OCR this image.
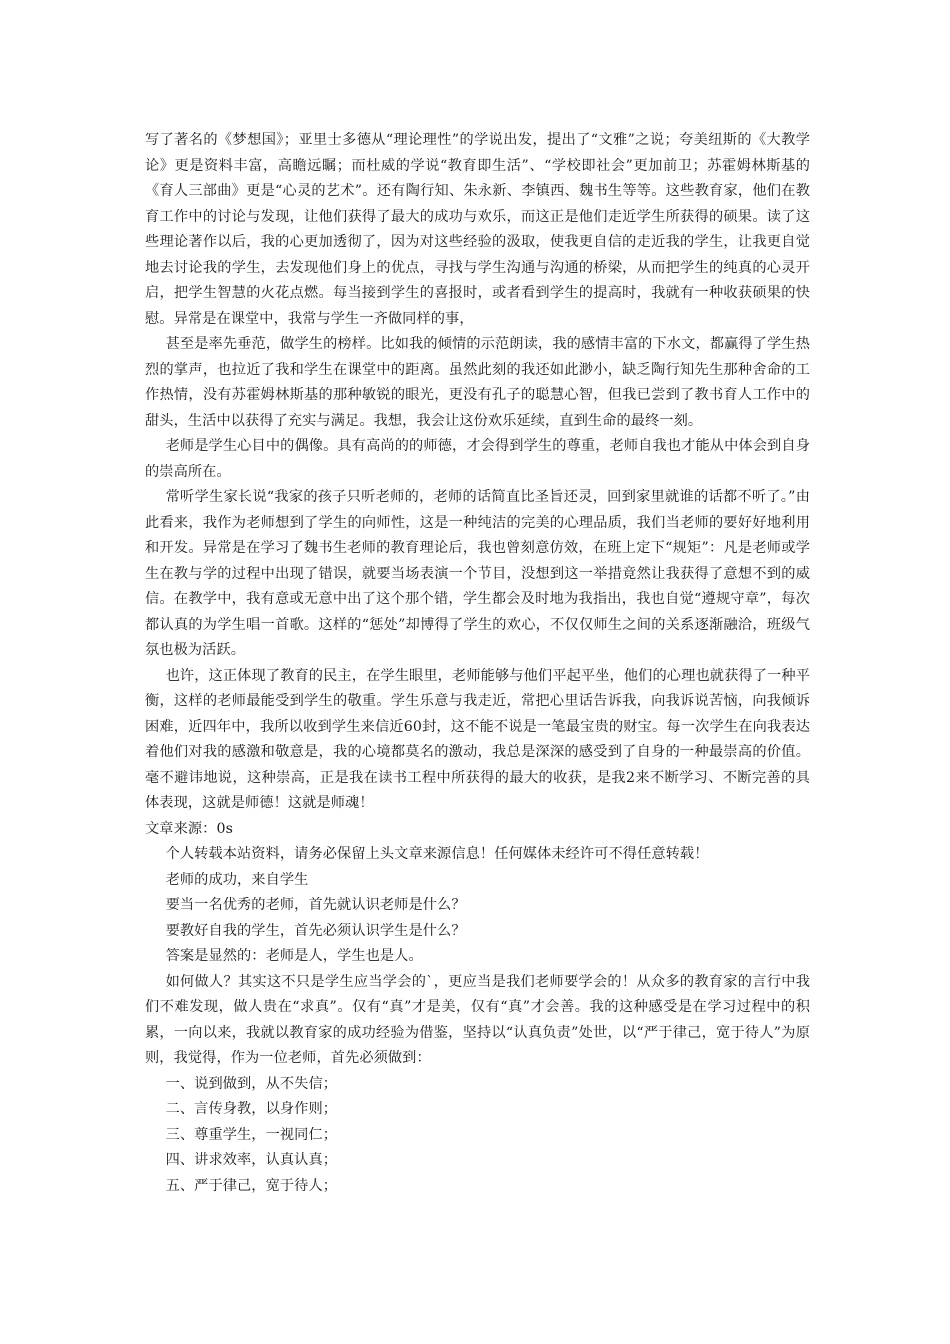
写了著名的《梦想国》；亚里士多德从“理论理性”的学说出发，提出了“文雅”之说；夸美纽斯的《大教学论》更是资料丰富，高瞻远瞩；而杜威的学说“教育即生活”、“学校即社会”更加前卫；苏霍姆林斯基的《育人三部曲》更是“心灵的艺术”。还有陶行知、朱永新、李镇西、魏书生等等。这些教育家，他们在教育工作中的讨论与发现，让他们获得了最大的成功与欢乐，而这正是他们走近学生所获得的硕果。读了这些理论著作以后，我的心更加透彻了，因为对这些经验的汲取，使我更自信的走近我的学生，让我更自觉地去讨论我的学生，去发现他们身上的优点，寻找与学生沟通与沟通的桥梁，从而把学生的纯真的心灵开启，把学生智慧的火花点燃。每当接到学生的喜报时，或者看到学生的提高时，我就有一种收获硕果的快慰。异常是在课堂中，我常与学生一齐做同样的事，

甚至是率先垂范，做学生的榜样。比如我的倾情的示范朗读，我的感情丰富的下水文，都赢得了学生热烈的掌声，也拉近了我和学生在课堂中的距离。虽然此刻的我还如此渺小，缺乏陶行知先生那种舍命的工作热情，没有苏霍姆林斯基的那种敏锐的眼光，更没有孔子的聪慧心智，但我已尝到了教书育人工作中的甜头，生活中以获得了充实与满足。我想，我会让这份欢乐延续，直到生命的最终一刻。

老师是学生心目中的偶像。具有高尚的的师德，才会得到学生的尊重，老师自我也才能从中体会到自身的崇高所在。

常听学生家长说“我家的孩子只听老师的，老师的话简直比圣旨还灵，回到家里就谁的话都不听了。”由此看来，我作为老师想到了学生的向师性，这是一种纯洁的完美的心理品质，我们当老师的要好好地利用和开发。异常是在学习了魏书生老师的教育理论后，我也曾刻意仿效，在班上定下“规矩”：凡是老师或学生在教与学的过程中出现了错误，就要当场表演一个节目，没想到这一举措竟然让我获得了意想不到的威信。在教学中，我有意或无意中出了这个那个错，学生都会及时地为我指出，我也自觉“遵规守章”，每次都认真的为学生唱一首歌。这样的“惩处”却博得了学生的欢心，不仅仅师生之间的关系逐渐融洽，班级气氛也极为活跃。

也许，这正体现了教育的民主，在学生眼里，老师能够与他们平起平坐，他们的心理也就获得了一种平衡，这样的老师最能受到学生的敬重。学生乐意与我走近，常把心里话告诉我，向我诉说苦恼，向我倾诉困难，近四年中，我所以收到学生来信近60封，这不能不说是一笔最宝贵的财宝。每一次学生在向我表达着他们对我的感激和敬意是，我的心境都莫名的激动，我总是深深的感受到了自身的一种最崇高的价值。毫不避讳地说，这种崇高，正是我在读书工程中所获得的最大的收获，是我2来不断学习、不断完善的具体表现，这就是师德！这就是师魂！

文章来源：0s

个人转载本站资料，请务必保留上头文章来源信息！任何媒体未经许可不得任意转载！

老师的成功，来自学生

要当一名优秀的老师，首先就认识老师是什么？

要教好自我的学生，首先必须认识学生是什么？

答案是显然的：老师是人，学生也是人。

如何做人？其实这不只是学生应当学会的`，更应当是我们老师要学会的！从众多的教育家的言行中我们不难发现，做人贵在“求真”。仅有“真”才是美，仅有“真”才会善。我的这种感受是在学习过程中的积累，一向以来，我就以教育家的成功经验为借鉴，坚持以“认真负责”处世，以“严于律己，宽于待人”为原则，我觉得，作为一位老师，首先必须做到：

一、说到做到，从不失信；

二、言传身教，以身作则；

三、尊重学生，一视同仁；

四、讲求效率，认真认真；

五、严于律己，宽于待人；
